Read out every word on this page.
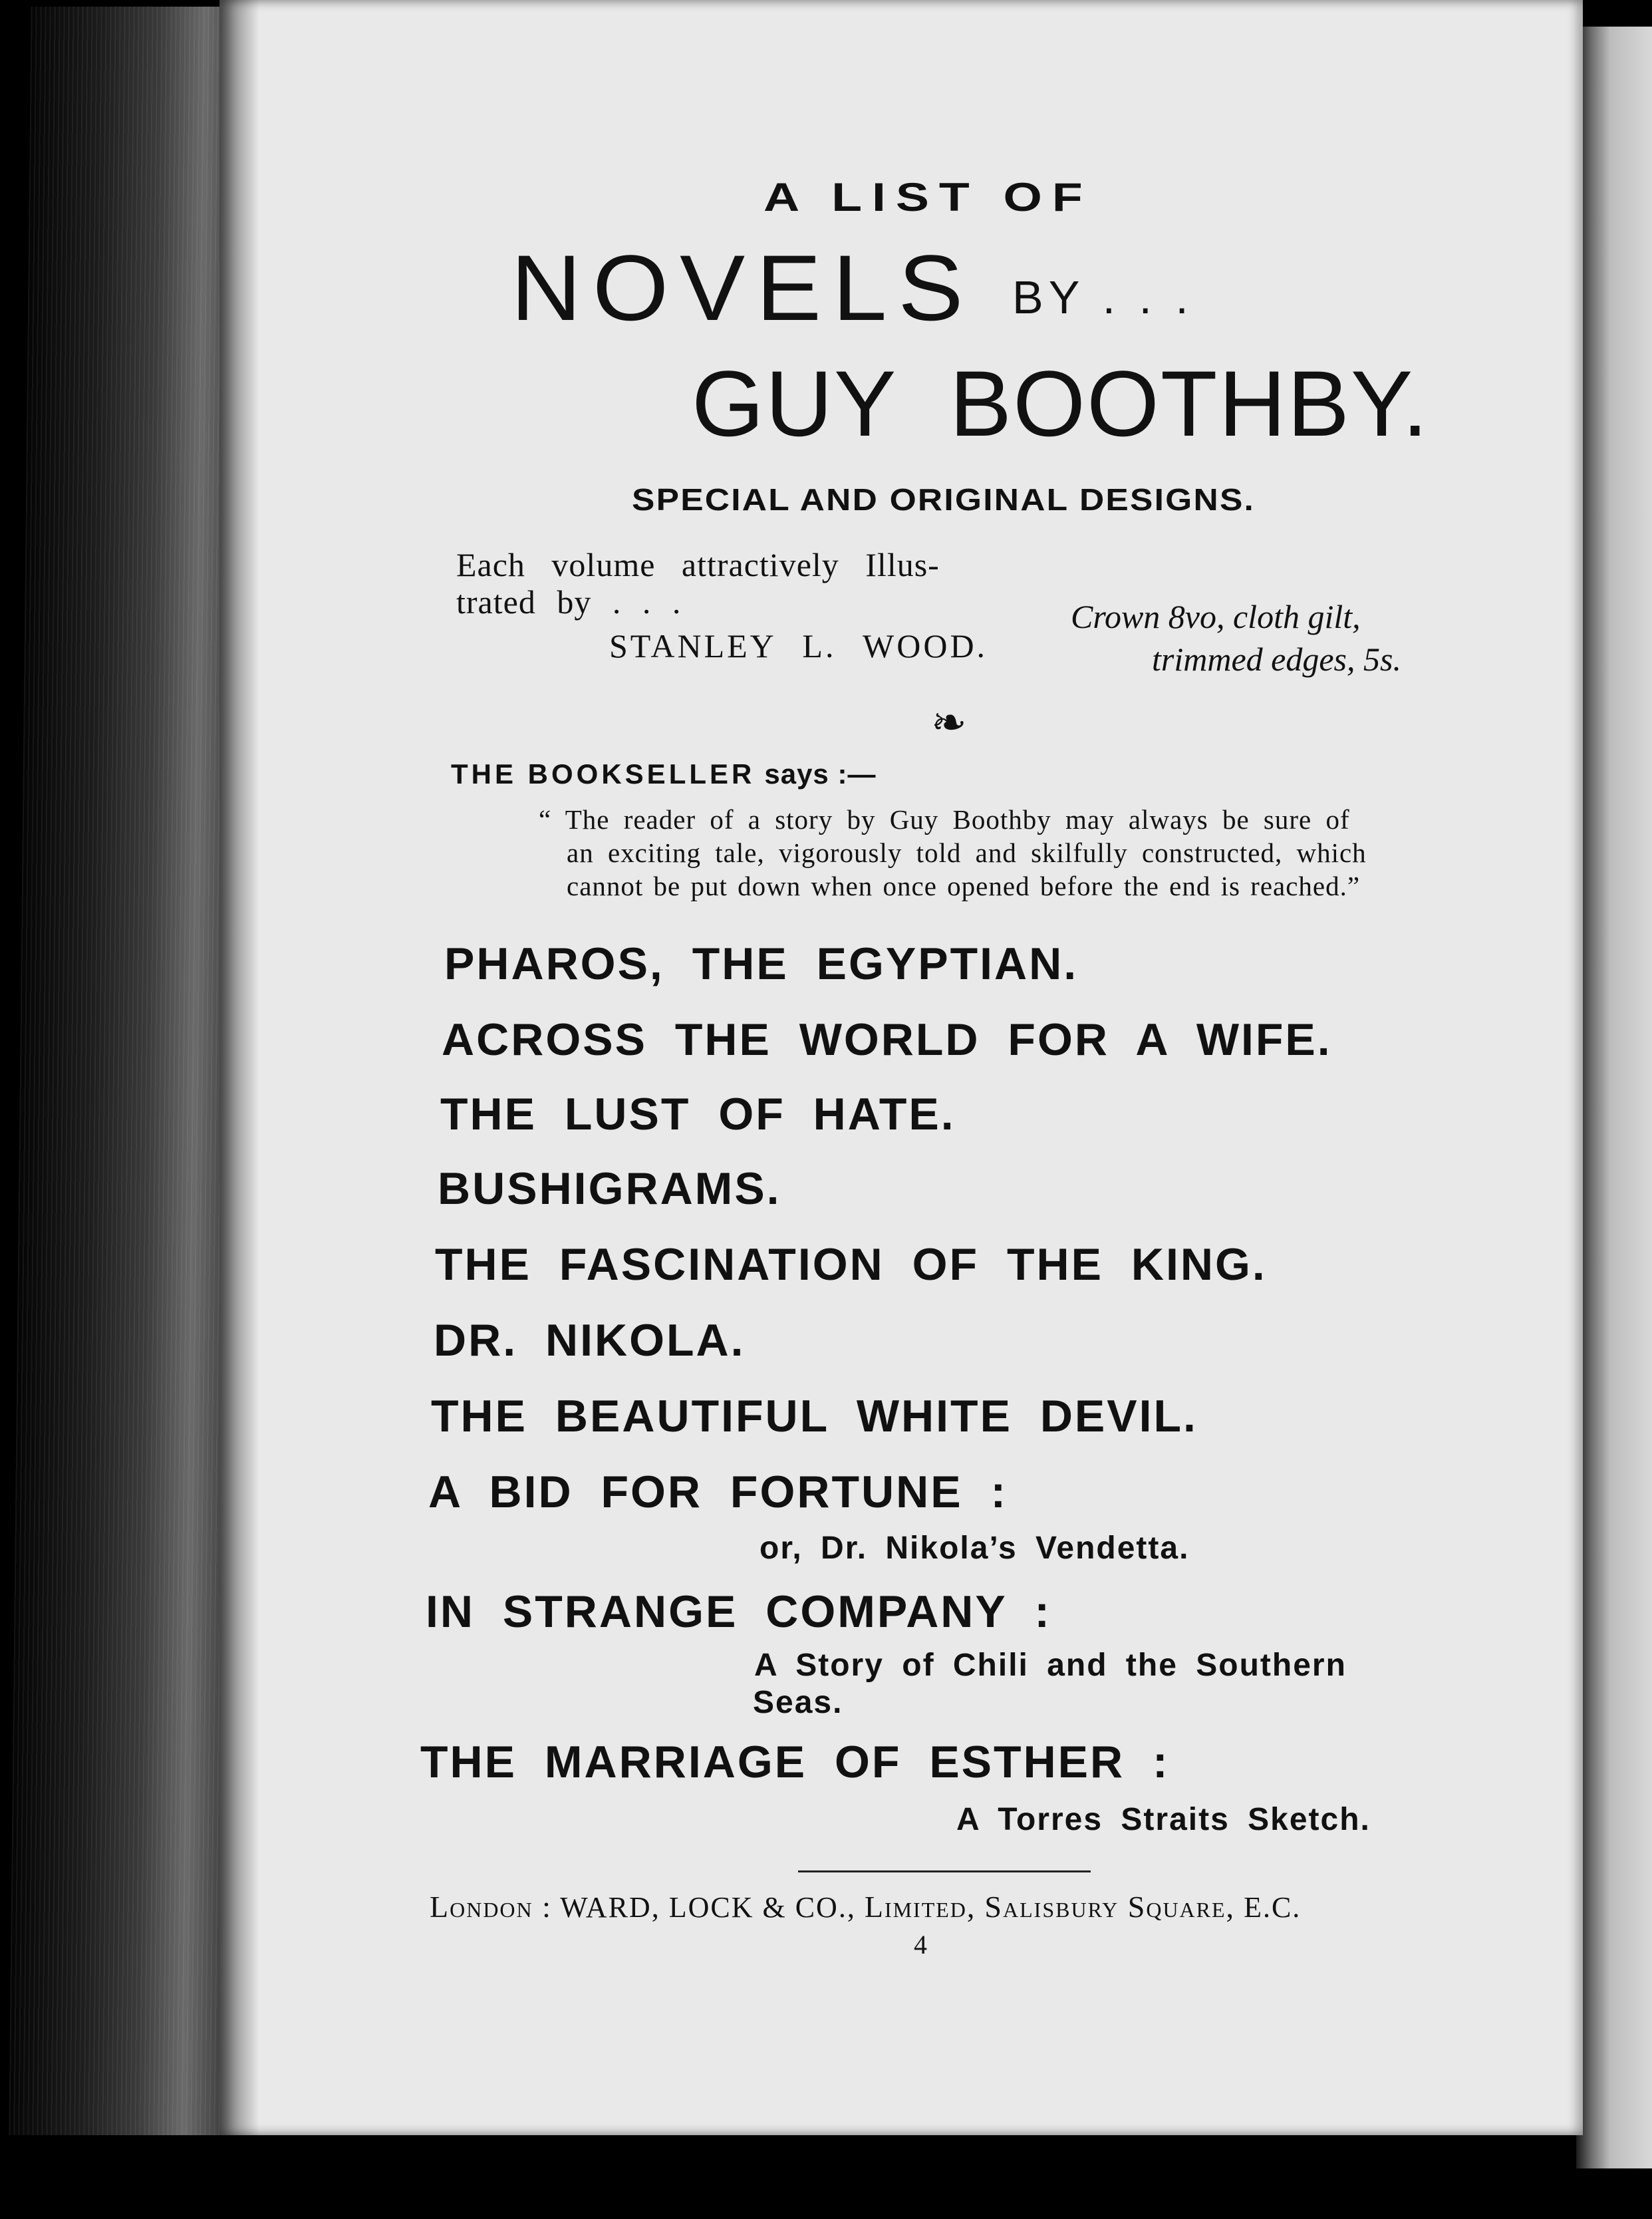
A LIST OF
NOVELS BY . . .
GUY BOOTHBY.
SPECIAL AND ORIGINAL DESIGNS.
Each volume attractively Illus-
trated by . . .
STANLEY L. WOOD.
Crown 8vo, cloth gilt,
trimmed edges, 5s.
❧
THE BOOKSELLER says :—
“ The reader of a story by Guy Boothby may always be sure of
an exciting tale, vigorously told and skilfully constructed, which
cannot be put down when once opened before the end is reached.”
PHAROS, THE EGYPTIAN.
ACROSS THE WORLD FOR A WIFE.
THE LUST OF HATE.
BUSHIGRAMS.
THE FASCINATION OF THE KING.
DR. NIKOLA.
THE BEAUTIFUL WHITE DEVIL.
A BID FOR FORTUNE :
or, Dr. Nikola’s Vendetta.
IN STRANGE COMPANY :
A Story of Chili and the Southern
Seas.
THE MARRIAGE OF ESTHER :
A Torres Straits Sketch.
London : WARD, LOCK & CO., Limited, Salisbury Square, E.C.
4
